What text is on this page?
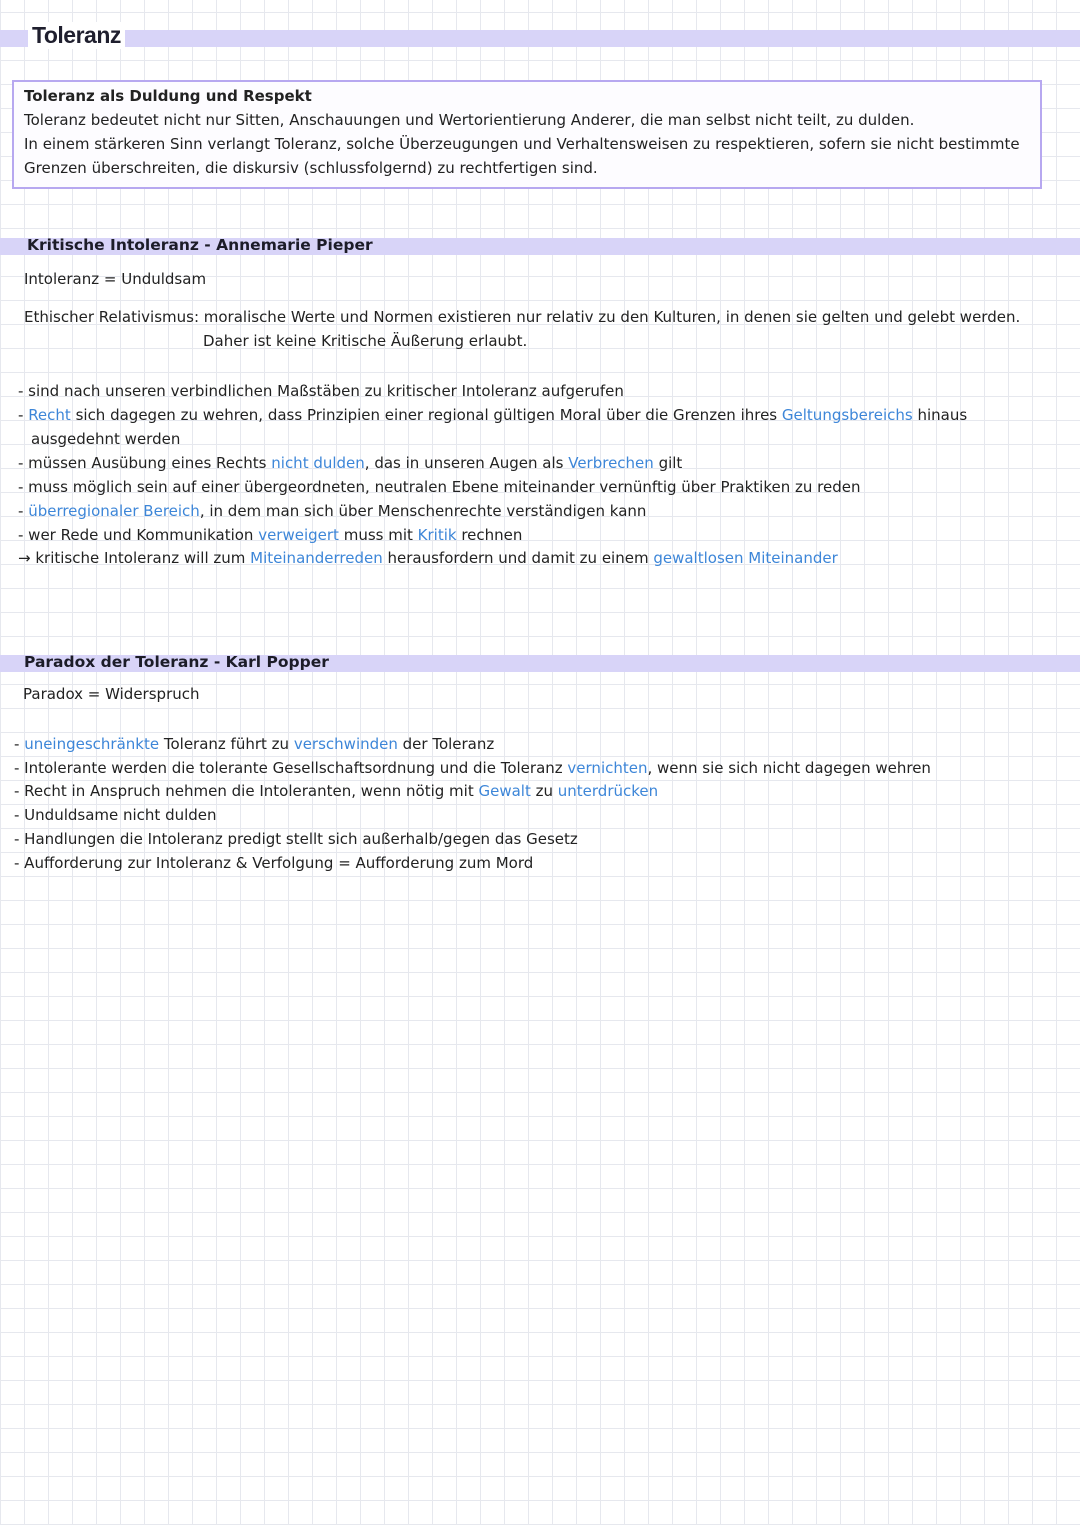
Toleranz
Toleranz als Duldung und Respekt
Toleranz bedeutet nicht nur Sitten, Anschauungen und Wertorientierung Anderer, die man selbst nicht teilt, zu dulden.
In einem stärkeren Sinn verlangt Toleranz, solche Überzeugungen und Verhaltensweisen zu respektieren, sofern sie nicht bestimmte
Grenzen überschreiten, die diskursiv (schlussfolgernd) zu rechtfertigen sind.
Kritische Intoleranz - Annemarie Pieper
Intoleranz = Unduldsam
Ethischer Relativismus: moralische Werte und Normen existieren nur relativ zu den Kulturen, in denen sie gelten und gelebt werden.
Daher ist keine Kritische Äußerung erlaubt.
- sind nach unseren verbindlichen Maßstäben zu kritischer Intoleranz aufgerufen
- Recht sich dagegen zu wehren, dass Prinzipien einer regional gültigen Moral über die Grenzen ihres Geltungsbereichs hinaus
ausgedehnt werden
- müssen Ausübung eines Rechts nicht dulden, das in unseren Augen als Verbrechen gilt
- muss möglich sein auf einer übergeordneten, neutralen Ebene miteinander vernünftig über Praktiken zu reden
- überregionaler Bereich, in dem man sich über Menschenrechte verständigen kann
- wer Rede und Kommunikation verweigert muss mit Kritik rechnen
→ kritische Intoleranz will zum Miteinanderreden herausfordern und damit zu einem gewaltlosen Miteinander
Paradox der Toleranz - Karl Popper
Paradox = Widerspruch
- uneingeschränkte Toleranz führt zu verschwinden der Toleranz
- Intolerante werden die tolerante Gesellschaftsordnung und die Toleranz vernichten, wenn sie sich nicht dagegen wehren
- Recht in Anspruch nehmen die Intoleranten, wenn nötig mit Gewalt zu unterdrücken
- Unduldsame nicht dulden
- Handlungen die Intoleranz predigt stellt sich außerhalb/gegen das Gesetz
- Aufforderung zur Intoleranz & Verfolgung = Aufforderung zum Mord
